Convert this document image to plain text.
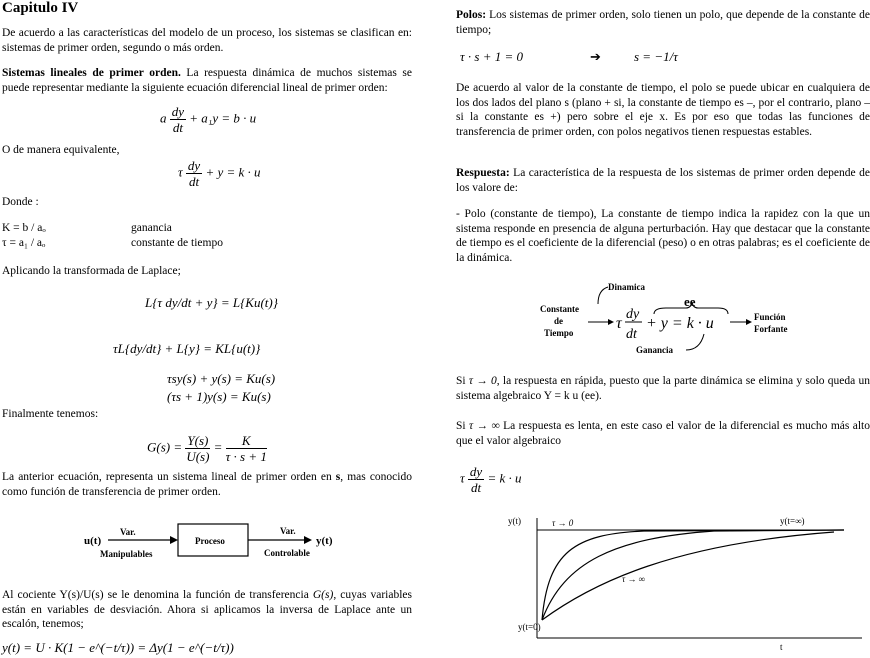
Capitulo IV

De acuerdo a las características del modelo de un proceso, los sistemas se clasifican en: sistemas de primer orden, segundo o más orden.

Sistemas lineales de primer orden. La respuesta dinámica de muchos sistemas se puede representar mediante la siguiente ecuación diferencial lineal de primer orden:

a $\frac{dy}{dt} + a_1y = b \cdot u$
O de manera equivalente,
τ $\frac{dy}{dt} + y = k \cdot u$
Donde :
K = b / aₒ	ganancia
τ = a₁ / aₒ	constante de tiempo
Aplicando la transformada de Laplace;
L{τ dy/dt + y} = L{Ku(t)}
τL{dy/dt} + L{y} = KL{u(t)}
τsy(s) + y(s) = Ku(s)
(τs + 1)y(s) = Ku(s)
Finalmente tenemos:
$G(s) = \frac{Y(s)}{U(s)} = \frac{K}{\tau \cdot s + 1}$

La anterior ecuación, representa un sistema lineal de primer orden en s, mas conocido como función de transferencia de primer orden.

u(t)
Var.
Manipulables
Proceso
Var.
Controlable
y(t)

Al cociente Y(s)/U(s) se le denomina la función de transferencia G(s), cuyas variables están en variables de desviación. Ahora si aplicamos la inversa de Laplace ante un escalón, tenemos;

y(t) = U · K(1 − e^(−t/τ)) = Δy(1 − e^(−t/τ))

Polos: Los sistemas de primer orden, solo tienen un polo, que depende de la constante de tiempo;

τ · s + 1 = 0	➔	s = −1/τ

De acuerdo al valor de la constante de tiempo, el polo se puede ubicar en cualquiera de los dos lados del plano s (plano + si, la constante de tiempo es –, por el contrario, plano – si la constante es +) pero sobre el eje x. Es por eso que todas las funciones de transferencia de primer orden, con polos negativos tienen respuestas estables.

Respuesta: La característica de la respuesta de los sistemas de primer orden depende de los valore de:

- Polo (constante de tiempo), La constante de tiempo indica la rapidez con la que un sistema responde en presencia de alguna perturbación. Hay que destacar que la constante de tiempo es el coeficiente de la diferencial (peso) o en otras palabras; es el coeficiente de la dinámica.

Dinamica
ee
Constante
de
Tiempo
τ
dy
dt
+ y = k · u	Función
Forfante
Ganancia

Si τ → 0, la respuesta en rápida, puesto que la parte dinámica se elimina y solo queda un sistema algebraico Y = k u (ee).

Si τ → ∞ La respuesta es lenta, en este caso el valor de la diferencial es mucho más alto que el valor algebraico

τ $\frac{dy}{dt} = k \cdot u$
y(t)	y(t=∞)
τ → 0
τ → ∞
y(t=0)
t
